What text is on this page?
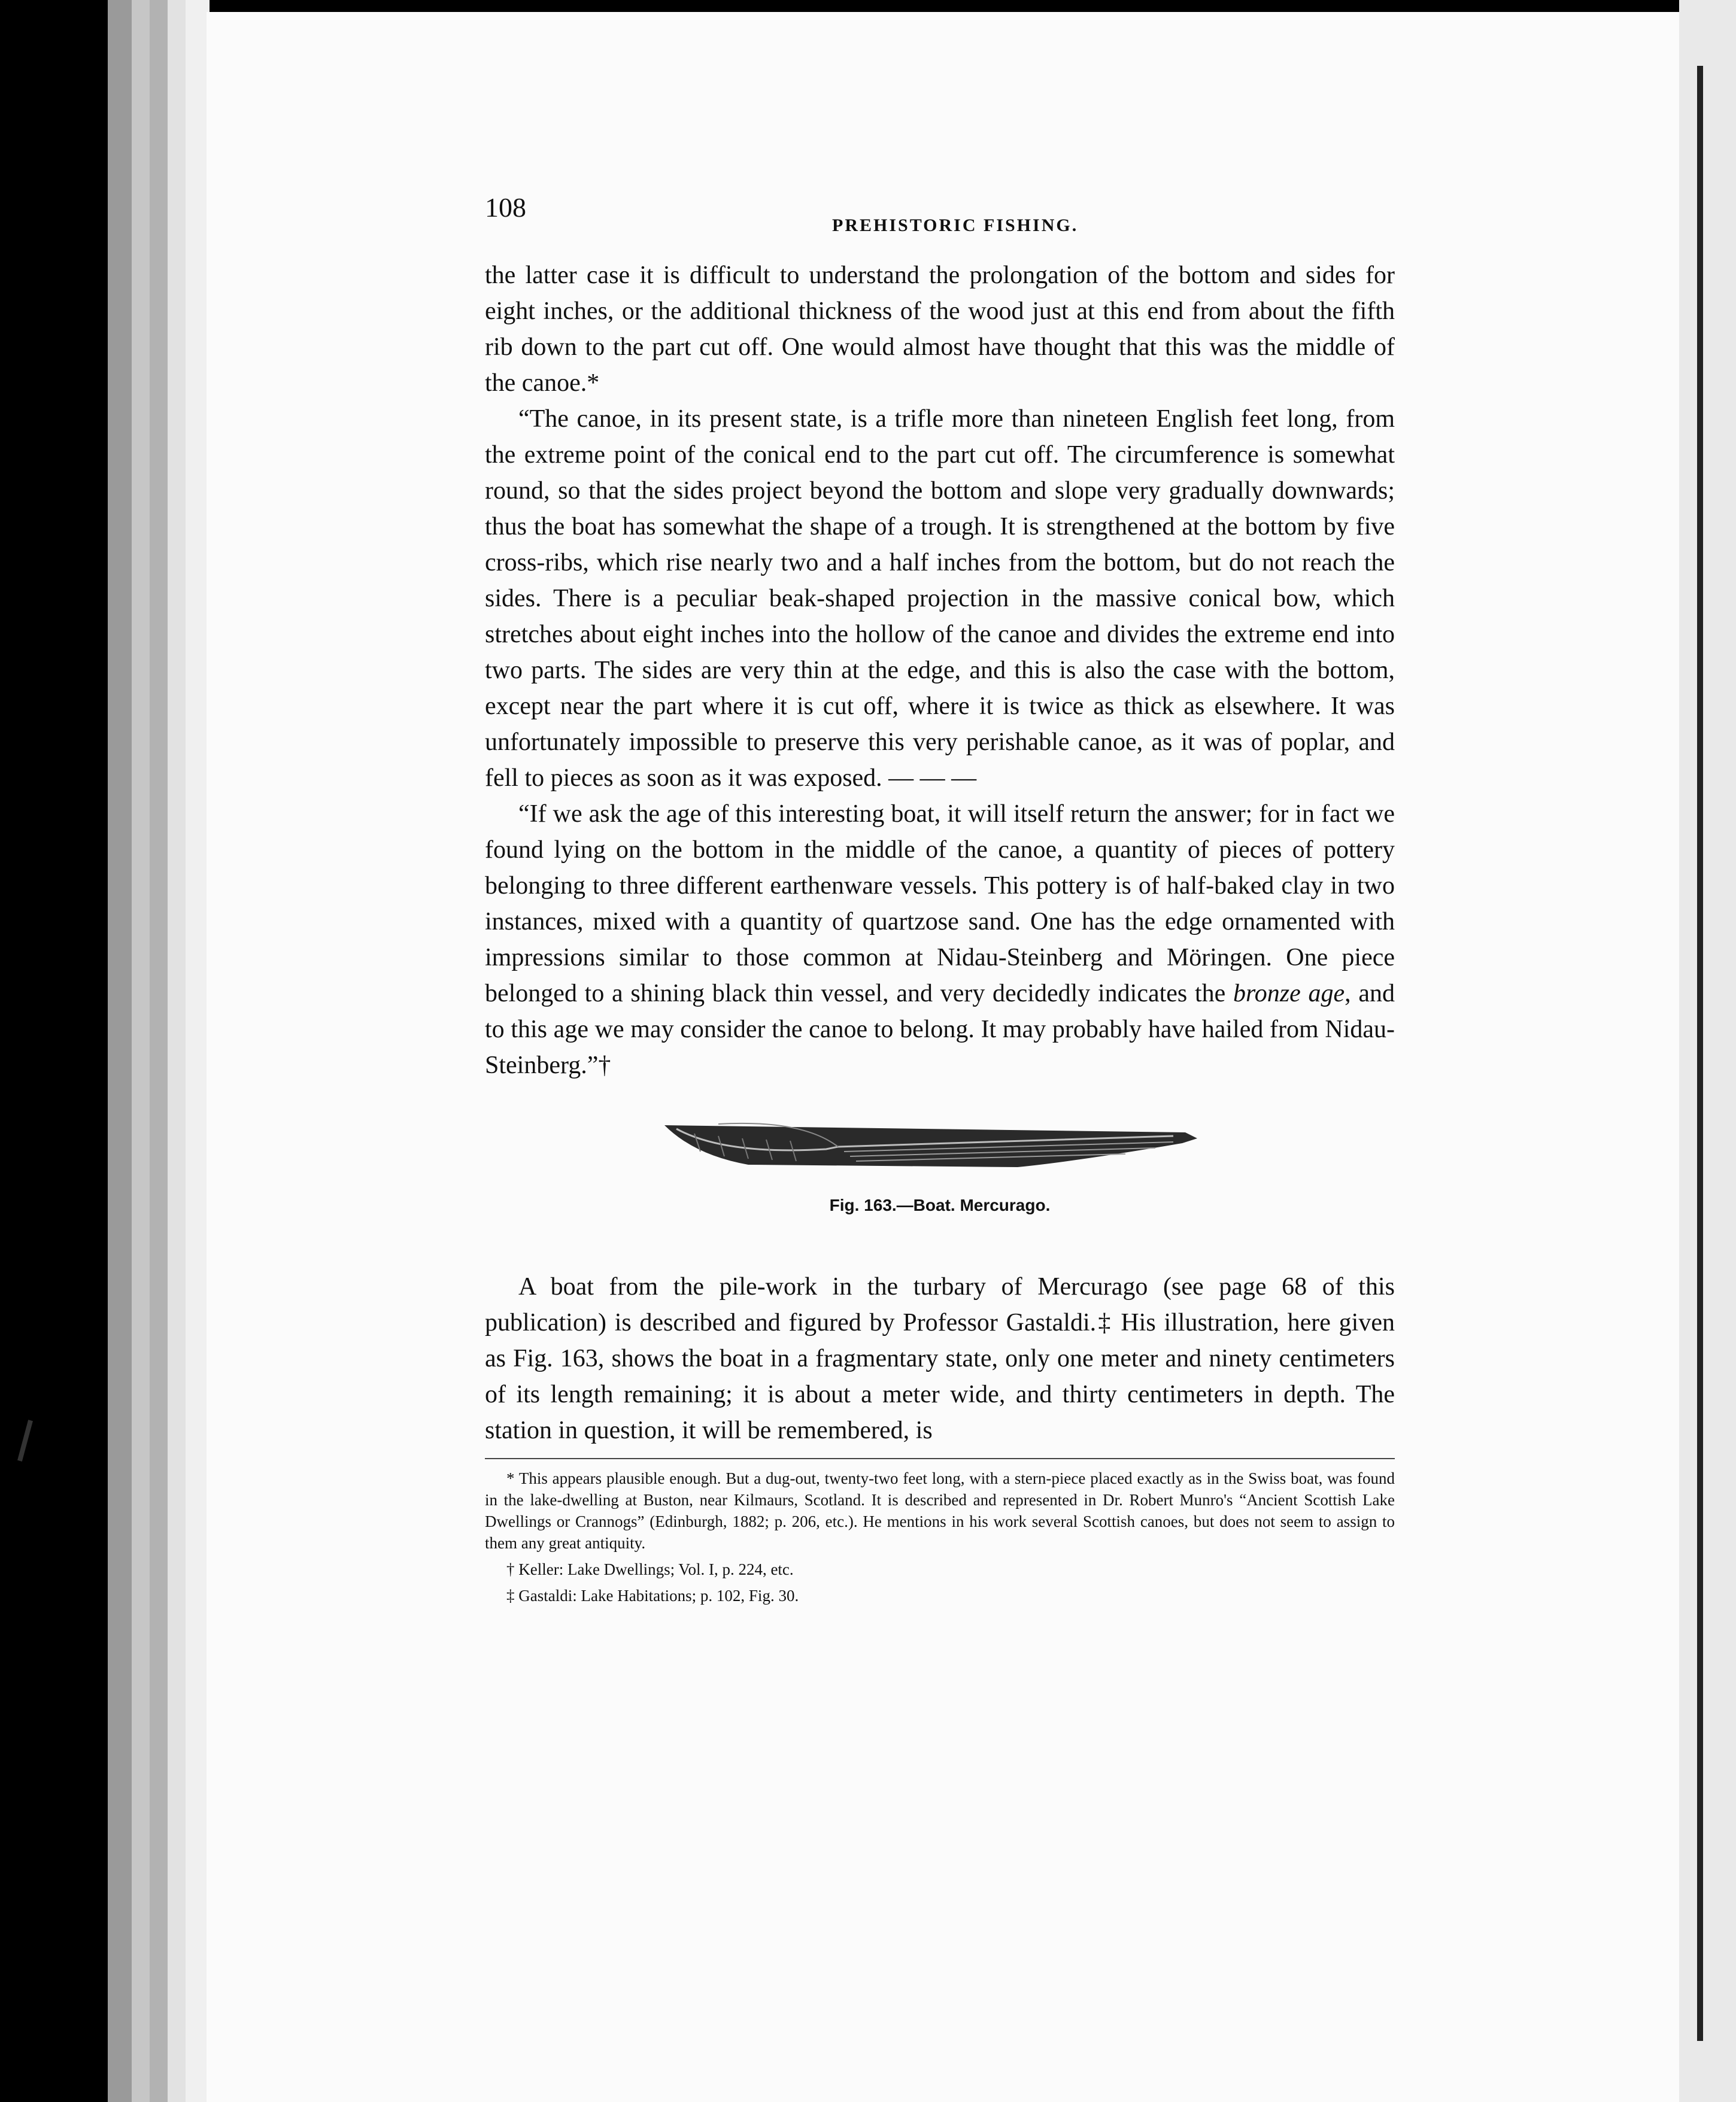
108
PREHISTORIC FISHING.

the latter case it is difficult to understand the prolongation of the bottom and sides for eight inches, or the additional thickness of the wood just at this end from about the fifth rib down to the part cut off. One would almost have thought that this was the middle of the canoe.*

“The canoe, in its present state, is a trifle more than nineteen English feet long, from the extreme point of the conical end to the part cut off. The circumference is somewhat round, so that the sides project beyond the bottom and slope very gradually downwards; thus the boat has somewhat the shape of a trough. It is strengthened at the bottom by five cross-ribs, which rise nearly two and a half inches from the bottom, but do not reach the sides. There is a peculiar beak-shaped projection in the massive conical bow, which stretches about eight inches into the hollow of the canoe and divides the extreme end into two parts. The sides are very thin at the edge, and this is also the case with the bottom, except near the part where it is cut off, where it is twice as thick as elsewhere. It was unfortunately impossible to preserve this very perishable canoe, as it was of poplar, and fell to pieces as soon as it was exposed. — — —

“If we ask the age of this interesting boat, it will itself return the answer; for in fact we found lying on the bottom in the middle of the canoe, a quantity of pieces of pottery belonging to three different earthenware vessels. This pottery is of half-baked clay in two instances, mixed with a quantity of quartzose sand. One has the edge ornamented with impressions similar to those common at Nidau-Steinberg and Möringen. One piece belonged to a shining black thin vessel, and very decidedly indicates the bronze age, and to this age we may consider the canoe to belong. It may probably have hailed from Nidau-Steinberg.”†

Fig. 163.—Boat. Mercurago.

A boat from the pile-work in the turbary of Mercurago (see page 68 of this publication) is described and figured by Professor Gastaldi.‡ His illustration, here given as Fig. 163, shows the boat in a fragmentary state, only one meter and ninety centimeters of its length remaining; it is about a meter wide, and thirty centimeters in depth. The station in question, it will be remembered, is

* This appears plausible enough. But a dug-out, twenty-two feet long, with a stern-piece placed exactly as in the Swiss boat, was found in the lake-dwelling at Buston, near Kilmaurs, Scotland. It is described and represented in Dr. Robert Munro's “Ancient Scottish Lake Dwellings or Crannogs” (Edinburgh, 1882; p. 206, etc.). He mentions in his work several Scottish canoes, but does not seem to assign to them any great antiquity.

† Keller: Lake Dwellings; Vol. I, p. 224, etc.

‡ Gastaldi: Lake Habitations; p. 102, Fig. 30.
